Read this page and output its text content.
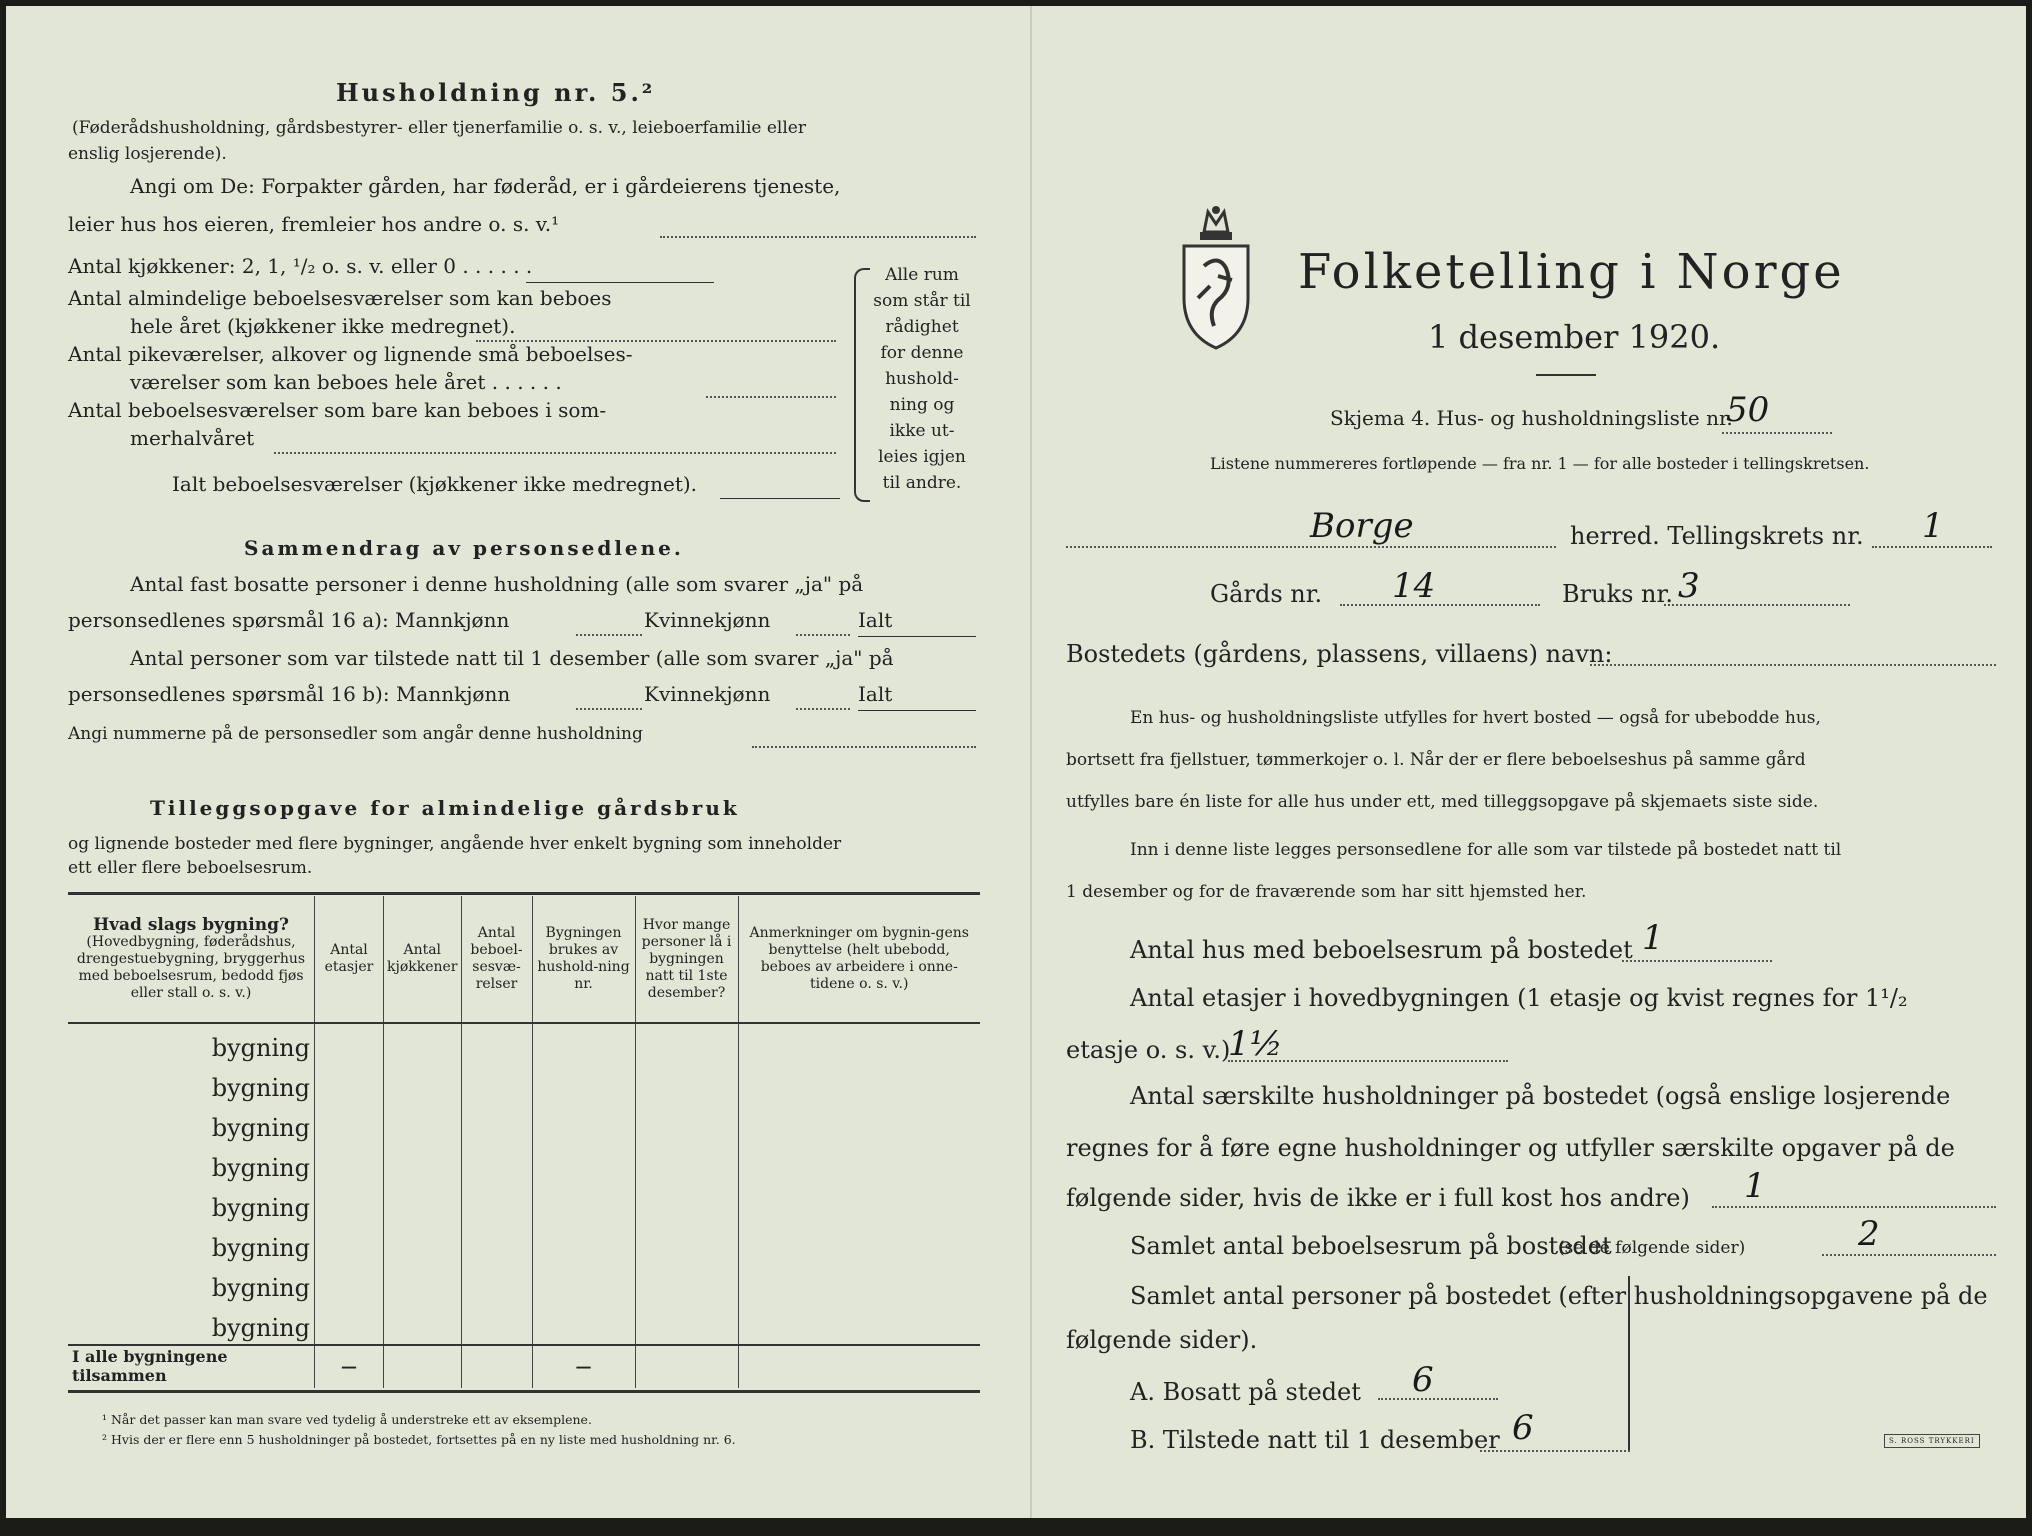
Husholdning nr. 5.²
(Føderådshusholdning, gårdsbestyrer- eller tjenerfamilie o. s. v., leieboerfamilie eller
enslig losjerende).
Angi om De: Forpakter gården, har føderåd, er i gårdeierens tjeneste,
leier hus hos eieren, fremleier hos andre o. s. v.¹
Antal kjøkkener: 2, 1, ¹/₂ o. s. v. eller 0 . . . . . .
Antal almindelige beboelsesværelser som kan beboes
hele året (kjøkkener ikke medregnet).
Antal pikeværelser, alkover og lignende små beboelses-
værelser som kan beboes hele året . . . . . .
Antal beboelsesværelser som bare kan beboes i som-
merhalvåret
Ialt beboelsesværelser (kjøkkener ikke medregnet).
Alle rum
som står til
rådighet
for denne
hushold-
ning og
ikke ut-
leies igjen
til andre.
Sammendrag av personsedlene.
Antal fast bosatte personer i denne husholdning (alle som svarer „ja" på
personsedlenes spørsmål 16 a): Mannkjønn	Kvinnekjønn	Ialt
Antal personer som var tilstede natt til 1 desember (alle som svarer „ja" på
personsedlenes spørsmål 16 b): Mannkjønn	Kvinnekjønn	Ialt
Angi nummerne på de personsedler som angår denne husholdning
Tilleggsopgave for almindelige gårdsbruk
og lignende bosteder med flere bygninger, angående hver enkelt bygning som inneholder
ett eller flere beboelsesrum.
Hvad slags bygning?
(Hovedbygning, føderådshus, drengestuebygning, bryggerhus med beboelsesrum, bedodd fjøs eller stall o. s. v.)	Antal etasjer	Antal kjøkkener	Antal beboel-sesvæ-relser	Bygningen brukes av hushold-ning nr.	Hvor mange personer lå i bygningen natt til 1ste desember?	Anmerkninger om bygnin-gens benyttelse (helt ubebodd, beboes av arbeidere i onne-tidene o. s. v.)
bygning						
bygning						
bygning						
bygning						
bygning						
bygning						
bygning						
bygning						
I alle bygningene tilsammen	—			—		
¹ Når det passer kan man svare ved tydelig å understreke ett av eksemplene.
² Hvis der er flere enn 5 husholdninger på bostedet, fortsettes på en ny liste med husholdning nr. 6.
Folketelling i Norge
1 desember 1920.
Skjema 4. Hus- og husholdningsliste nr.
50
Listene nummereres fortløpende — fra nr. 1 — for alle bosteder i tellingskretsen.
Borge	herred. Tellingskrets nr. 1
Gårds nr. 14	Bruks nr. 3
Bostedets (gårdens, plassens, villaens) navn:
En hus- og husholdningsliste utfylles for hvert bosted — også for ubebodde hus,
bortsett fra fjellstuer, tømmerkojer o. l. Når der er flere beboelseshus på samme gård
utfylles bare én liste for alle hus under ett, med tilleggsopgave på skjemaets siste side.
Inn i denne liste legges personsedlene for alle som var tilstede på bostedet natt til
1 desember og for de fraværende som har sitt hjemsted her.
Antal hus med beboelsesrum på bostedet 1
Antal etasjer i hovedbygningen (1 etasje og kvist regnes for 1¹/₂
etasje o. s. v.)
1½
Antal særskilte husholdninger på bostedet (også enslige losjerende
regnes for å føre egne husholdninger og utfyller særskilte opgaver på de
følgende sider, hvis de ikke er i full kost hos andre) 1
Samlet antal beboelsesrum på bostedet
(se de følgende sider)	2
Samlet antal personer på bostedet (efter husholdningsopgavene på de
følgende sider).
A. Bosatt på stedet 6
B. Tilstede natt til 1 desember 6	S. ROSS TRYKKERI
